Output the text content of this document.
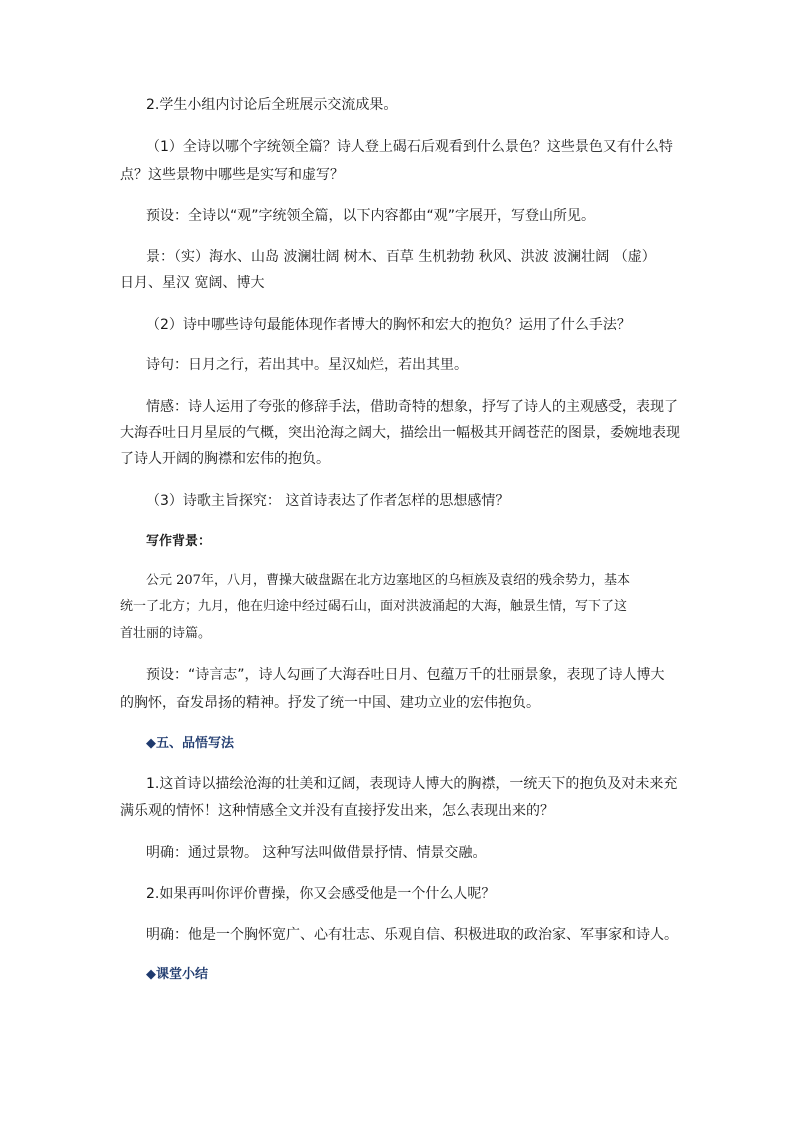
2.学生小组内讨论后全班展示交流成果。
（1）全诗以哪个字统领全篇？诗人登上碣石后观看到什么景色？这些景色又有什么特
点？这些景物中哪些是实写和虚写？
预设：全诗以“观”字统领全篇，以下内容都由“观”字展开，写登山所见。
景：（实）海水、山岛 波澜壮阔 树木、百草 生机勃勃 秋风、洪波 波澜壮阔 （虚）
日月、星汉 宽阔、博大
（2）诗中哪些诗句最能体现作者博大的胸怀和宏大的抱负？运用了什么手法？
诗句：日月之行，若出其中。星汉灿烂，若出其里。
情感：诗人运用了夸张的修辞手法，借助奇特的想象，抒写了诗人的主观感受，表现了
大海吞吐日月星辰的气概，突出沧海之阔大，描绘出一幅极其开阔苍茫的图景，委婉地表现
了诗人开阔的胸襟和宏伟的抱负。
（3）诗歌主旨探究： 这首诗表达了作者怎样的思想感情？
写作背景：
公元 207年，八月，曹操大破盘踞在北方边塞地区的乌桓族及袁绍的残余势力，基本
统一了北方；九月，他在归途中经过碣石山，面对洪波涌起的大海，触景生情，写下了这
首壮丽的诗篇。
预设：“诗言志”，诗人勾画了大海吞吐日月、包蕴万千的壮丽景象，表现了诗人博大
的胸怀，奋发昂扬的精神。抒发了统一中国、建功立业的宏伟抱负。
◆五、品悟写法
1.这首诗以描绘沧海的壮美和辽阔，表现诗人博大的胸襟，一统天下的抱负及对未来充
满乐观的情怀！这种情感全文并没有直接抒发出来，怎么表现出来的？
明确：通过景物。 这种写法叫做借景抒情、情景交融。
2.如果再叫你评价曹操，你又会感受他是一个什么人呢？
明确：他是一个胸怀宽广、心有壮志、乐观自信、积极进取的政治家、军事家和诗人。
◆课堂小结
